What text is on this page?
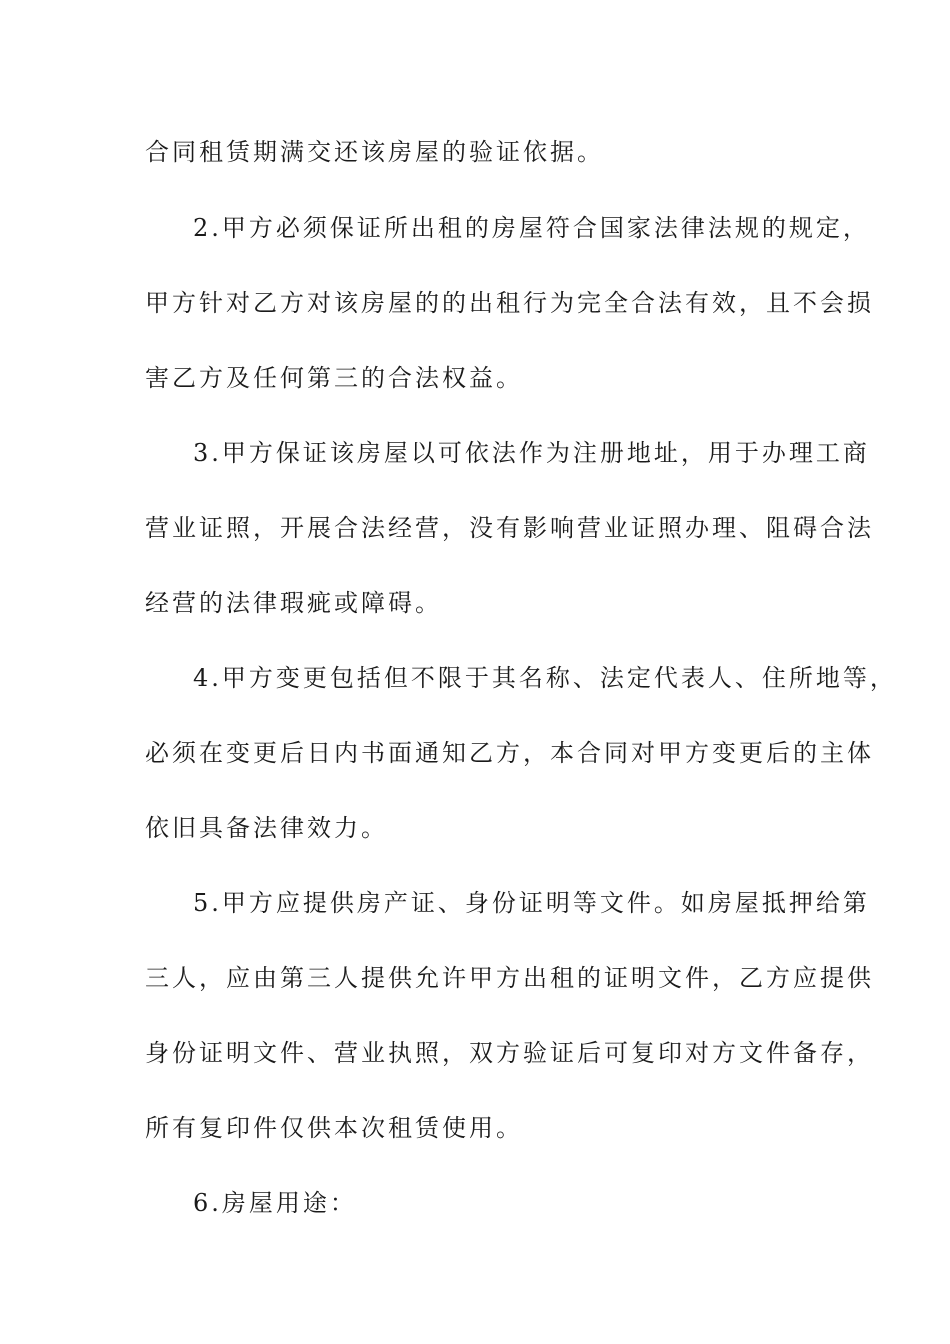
合同租赁期满交还该房屋的验证依据。

2.甲方必须保证所出租的房屋符合国家法律法规的规定，

甲方针对乙方对该房屋的的出租行为完全合法有效，且不会损

害乙方及任何第三的合法权益。

3.甲方保证该房屋以可依法作为注册地址，用于办理工商

营业证照，开展合法经营，没有影响营业证照办理、阻碍合法

经营的法律瑕疵或障碍。

4.甲方变更包括但不限于其名称、法定代表人、住所地等，

必须在变更后日内书面通知乙方，本合同对甲方变更后的主体

依旧具备法律效力。

5.甲方应提供房产证、身份证明等文件。如房屋抵押给第

三人，应由第三人提供允许甲方出租的证明文件，乙方应提供

身份证明文件、营业执照，双方验证后可复印对方文件备存，

所有复印件仅供本次租赁使用。

6.房屋用途：
